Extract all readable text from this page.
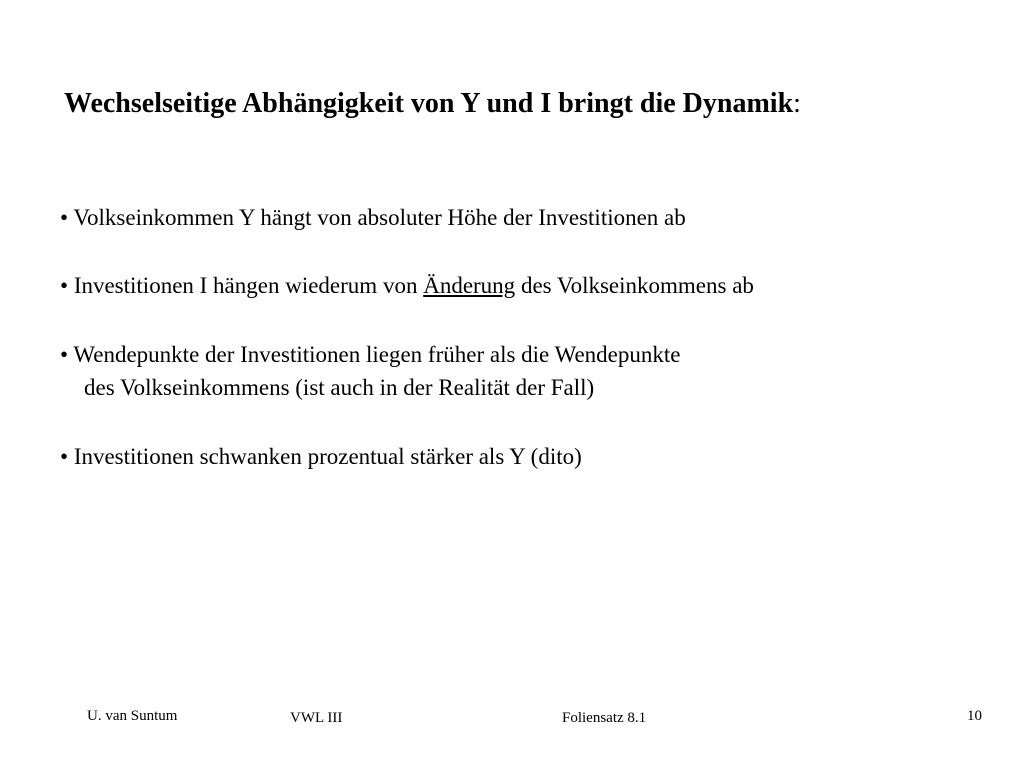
Wechselseitige Abhängigkeit von Y und I bringt die Dynamik:
• Volkseinkommen Y hängt von absoluter Höhe der Investitionen ab
• Investitionen I hängen wiederum von Änderung des Volkseinkommens ab
• Wendepunkte der Investitionen liegen früher als die Wendepunkte
des Volkseinkommens (ist auch in der Realität der Fall)
• Investitionen schwanken prozentual stärker als Y (dito)
U. van Suntum	VWL III	Foliensatz 8.1	10
